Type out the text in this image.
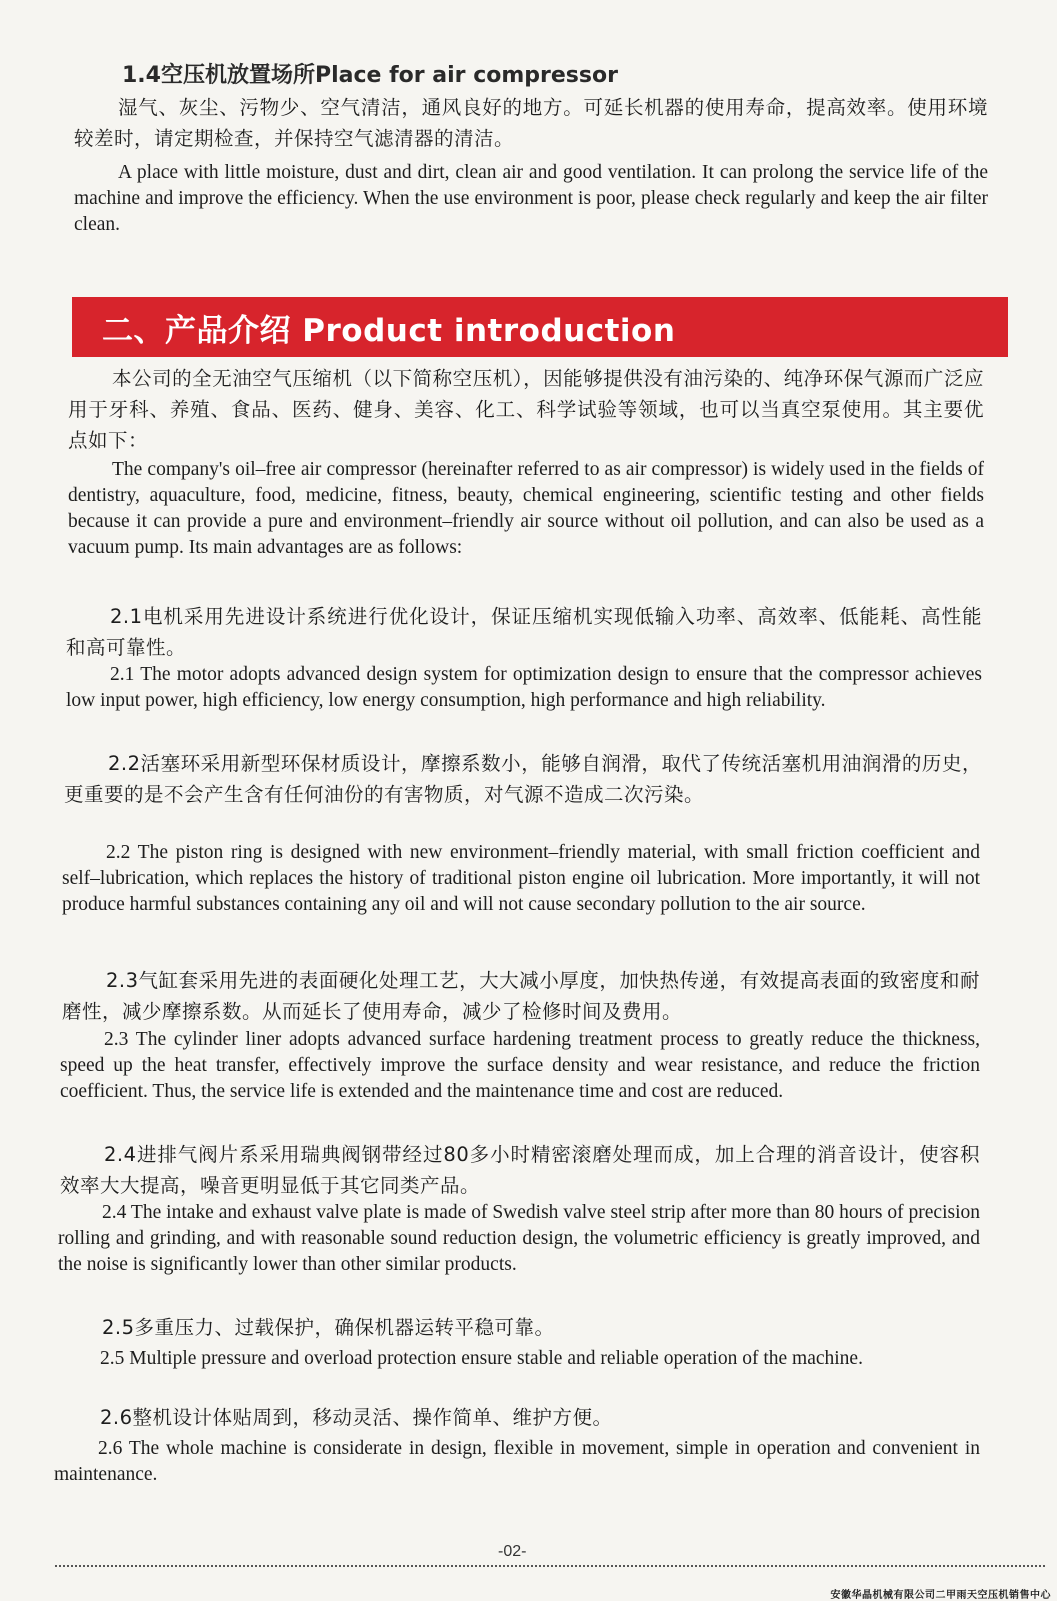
1.4空压机放置场所Place for air compressor
湿气、灰尘、污物少、空气清洁，通风良好的地方。可延长机器的使用寿命，提高效率。使用环境较差时，请定期检查，并保持空气滤清器的清洁。
A place with little moisture, dust and dirt, clean air and good ventilation. It can prolong the service life of the machine and improve the efficiency. When the use environment is poor, please check regularly and keep the air filter clean.
二、产品介绍 Product introduction
本公司的全无油空气压缩机（以下简称空压机），因能够提供没有油污染的、纯净环保气源而广泛应用于牙科、养殖、食品、医药、健身、美容、化工、科学试验等领域，也可以当真空泵使用。其主要优点如下：
The company's oil–free air compressor (hereinafter referred to as air compressor) is widely used in the fields of dentistry, aquaculture, food, medicine, fitness, beauty, chemical engineering, scientific testing and other fields because it can provide a pure and environment–friendly air source without oil pollution, and can also be used as a vacuum pump. Its main advantages are as follows:
2.1电机采用先进设计系统进行优化设计，保证压缩机实现低输入功率、高效率、低能耗、高性能和高可靠性。
2.1 The motor adopts advanced design system for optimization design to ensure that the compressor achieves low input power, high efficiency, low energy consumption, high performance and high reliability.
2.2活塞环采用新型环保材质设计，摩擦系数小，能够自润滑，取代了传统活塞机用油润滑的历史，更重要的是不会产生含有任何油份的有害物质，对气源不造成二次污染。
2.2 The piston ring is designed with new environment–friendly material, with small friction coefficient and self–lubrication, which replaces the history of traditional piston engine oil lubrication. More importantly, it will not produce harmful substances containing any oil and will not cause secondary pollution to the air source.
2.3气缸套采用先进的表面硬化处理工艺，大大减小厚度，加快热传递，有效提高表面的致密度和耐磨性，减少摩擦系数。从而延长了使用寿命，减少了检修时间及费用。
2.3 The cylinder liner adopts advanced surface hardening treatment process to greatly reduce the thickness, speed up the heat transfer, effectively improve the surface density and wear resistance, and reduce the friction coefficient. Thus, the service life is extended and the maintenance time and cost are reduced.
2.4进排气阀片系采用瑞典阀钢带经过80多小时精密滚磨处理而成，加上合理的消音设计，使容积效率大大提高，噪音更明显低于其它同类产品。
2.4 The intake and exhaust valve plate is made of Swedish valve steel strip after more than 80 hours of precision rolling and grinding, and with reasonable sound reduction design, the volumetric efficiency is greatly improved, and the noise is significantly lower than other similar products.
2.5多重压力、过载保护，确保机器运转平稳可靠。
2.5 Multiple pressure and overload protection ensure stable and reliable operation of the machine.
2.6整机设计体贴周到，移动灵活、操作简单、维护方便。
2.6 The whole machine is considerate in design, flexible in movement, simple in operation and convenient in maintenance.
-02-
安徽华晶机械有限公司二甲雨天空压机销售中心
